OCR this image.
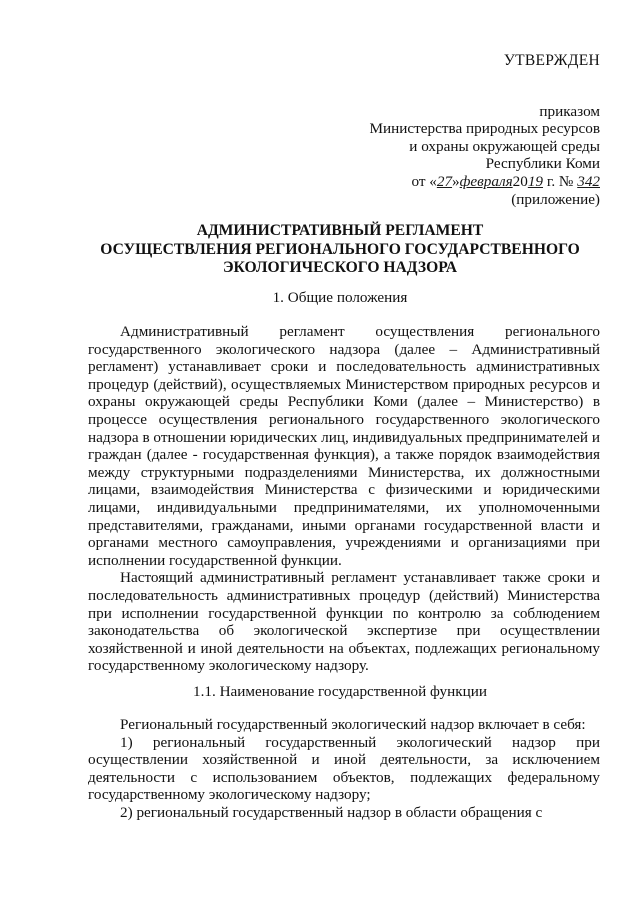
УТВЕРЖДЕН
приказом
Министерства природных ресурсов
и охраны окружающей среды
Республики Коми
от «27»февраля2019 г. № 342
(приложение)
АДМИНИСТРАТИВНЫЙ РЕГЛАМЕНТ
ОСУЩЕСТВЛЕНИЯ РЕГИОНАЛЬНОГО ГОСУДАРСТВЕННОГО
ЭКОЛОГИЧЕСКОГО НАДЗОРА
1. Общие положения

Административный регламент осуществления регионального государственного экологического надзора (далее – Административный регламент) устанавливает сроки и последовательность административных процедур (действий), осуществляемых Министерством природных ресурсов и охраны окружающей среды Республики Коми (далее – Министерство) в процессе осуществления регионального государственного экологического надзора в отношении юридических лиц, индивидуальных предпринимателей и граждан (далее - государственная функция), а также порядок взаимодействия между структурными подразделениями Министерства, их должностными лицами, взаимодействия Министерства с физическими и юридическими лицами, индивидуальными предпринимателями, их уполномоченными представителями, гражданами, иными органами государственной власти и органами местного самоуправления, учреждениями и организациями при исполнении государственной функции.

Настоящий административный регламент устанавливает также сроки и последовательность административных процедур (действий) Министерства при исполнении государственной функции по контролю за соблюдением законодательства об экологической экспертизе при осуществлении хозяйственной и иной деятельности на объектах, подлежащих региональному государственному экологическому надзору.

1.1. Наименование государственной функции

Региональный государственный экологический надзор включает в себя:

1) региональный государственный экологический надзор при осуществлении хозяйственной и иной деятельности, за исключением деятельности с использованием объектов, подлежащих федеральному государственному экологическому надзору;

2) региональный государственный надзор в области обращения с
